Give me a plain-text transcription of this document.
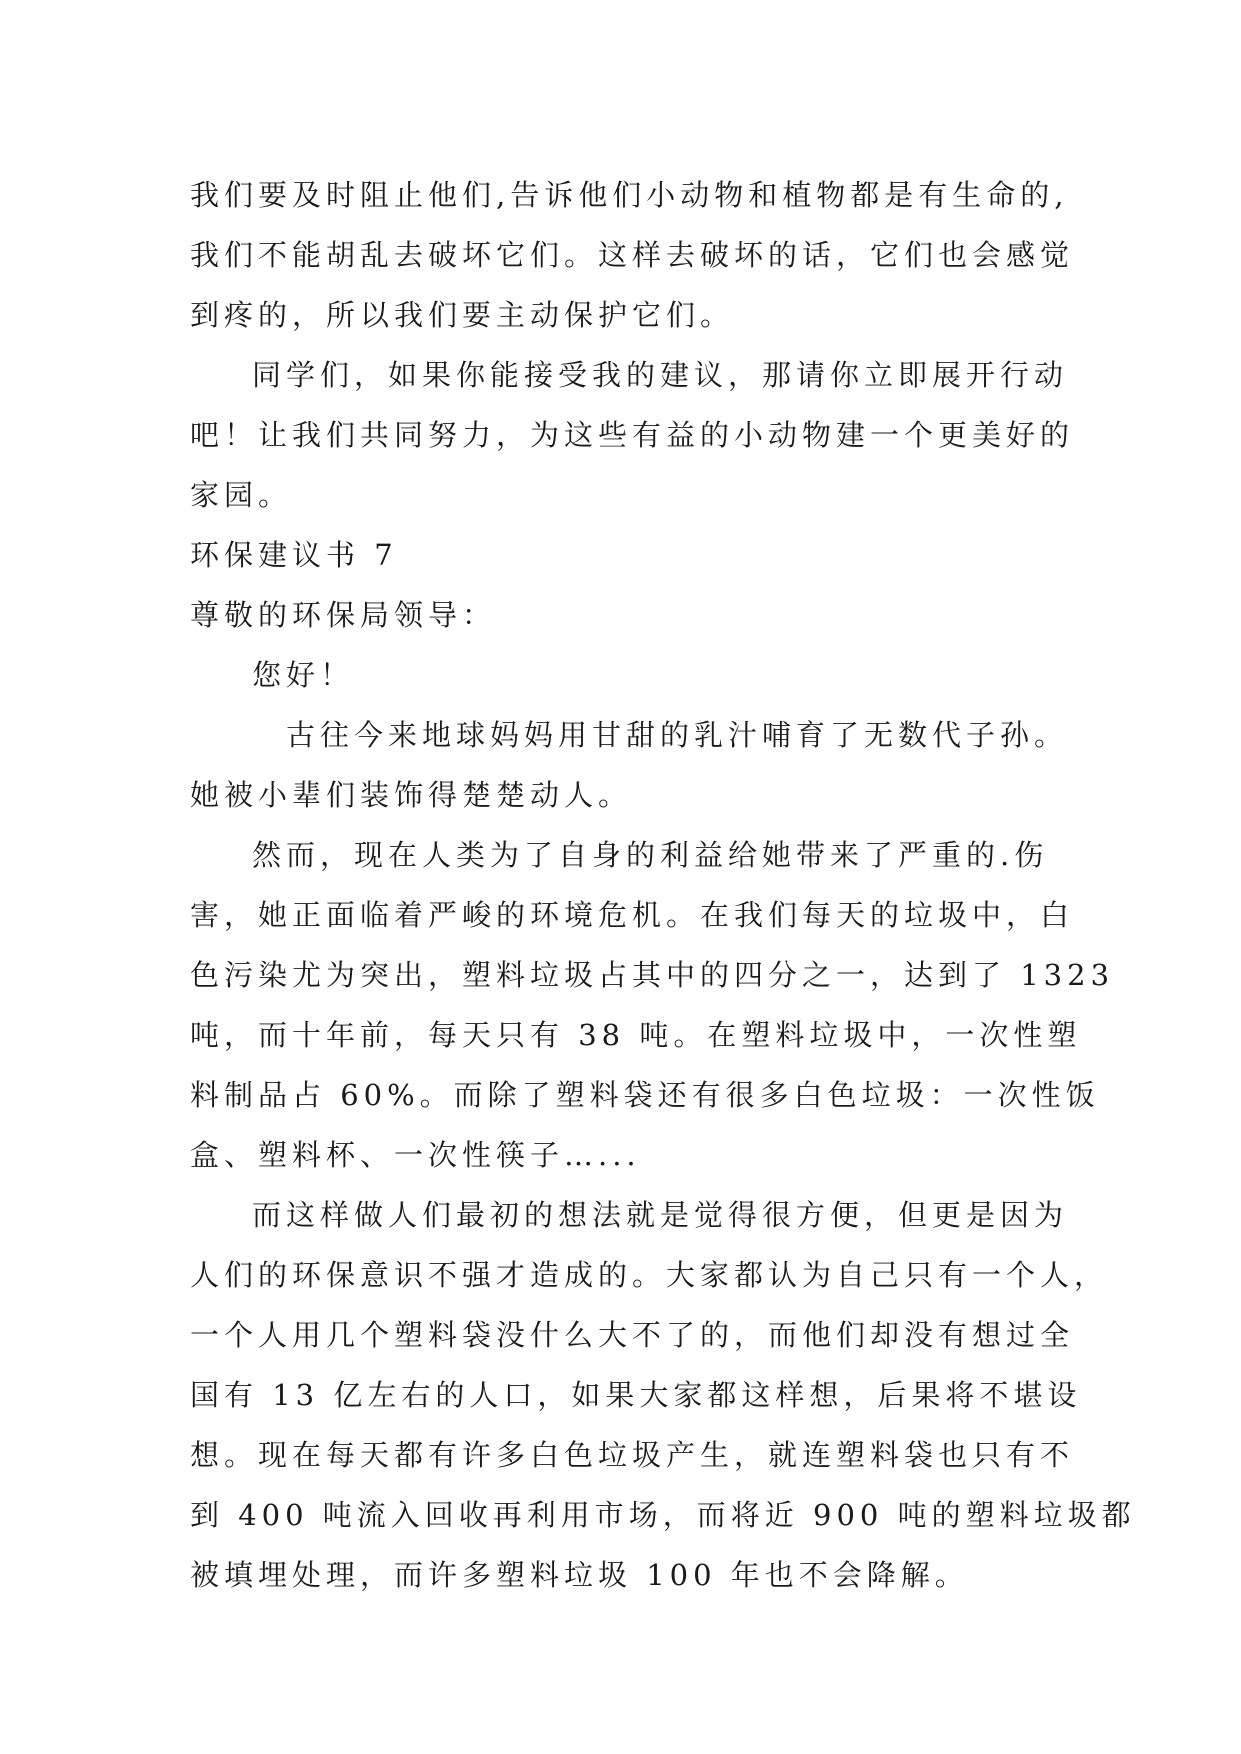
我们要及时阻止他们,告诉他们小动物和植物都是有生命的,
我们不能胡乱去破坏它们。这样去破坏的话，它们也会感觉
到疼的，所以我们要主动保护它们。
同学们，如果你能接受我的建议，那请你立即展开行动
吧！让我们共同努力，为这些有益的小动物建一个更美好的
家园。
环保建议书 7
尊敬的环保局领导：
您好！
古往今来地球妈妈用甘甜的乳汁哺育了无数代子孙。
她被小辈们装饰得楚楚动人。
然而，现在人类为了自身的利益给她带来了严重的.伤
害，她正面临着严峻的环境危机。在我们每天的垃圾中，白
色污染尤为突出，塑料垃圾占其中的四分之一，达到了 1323
吨，而十年前，每天只有 38 吨。在塑料垃圾中，一次性塑
料制品占 60%。而除了塑料袋还有很多白色垃圾：一次性饭
盒、塑料杯、一次性筷子…...
而这样做人们最初的想法就是觉得很方便，但更是因为
人们的环保意识不强才造成的。大家都认为自己只有一个人，
一个人用几个塑料袋没什么大不了的，而他们却没有想过全
国有 13 亿左右的人口，如果大家都这样想，后果将不堪设
想。现在每天都有许多白色垃圾产生，就连塑料袋也只有不
到 400 吨流入回收再利用市场，而将近 900 吨的塑料垃圾都
被填埋处理，而许多塑料垃圾 100 年也不会降解。
